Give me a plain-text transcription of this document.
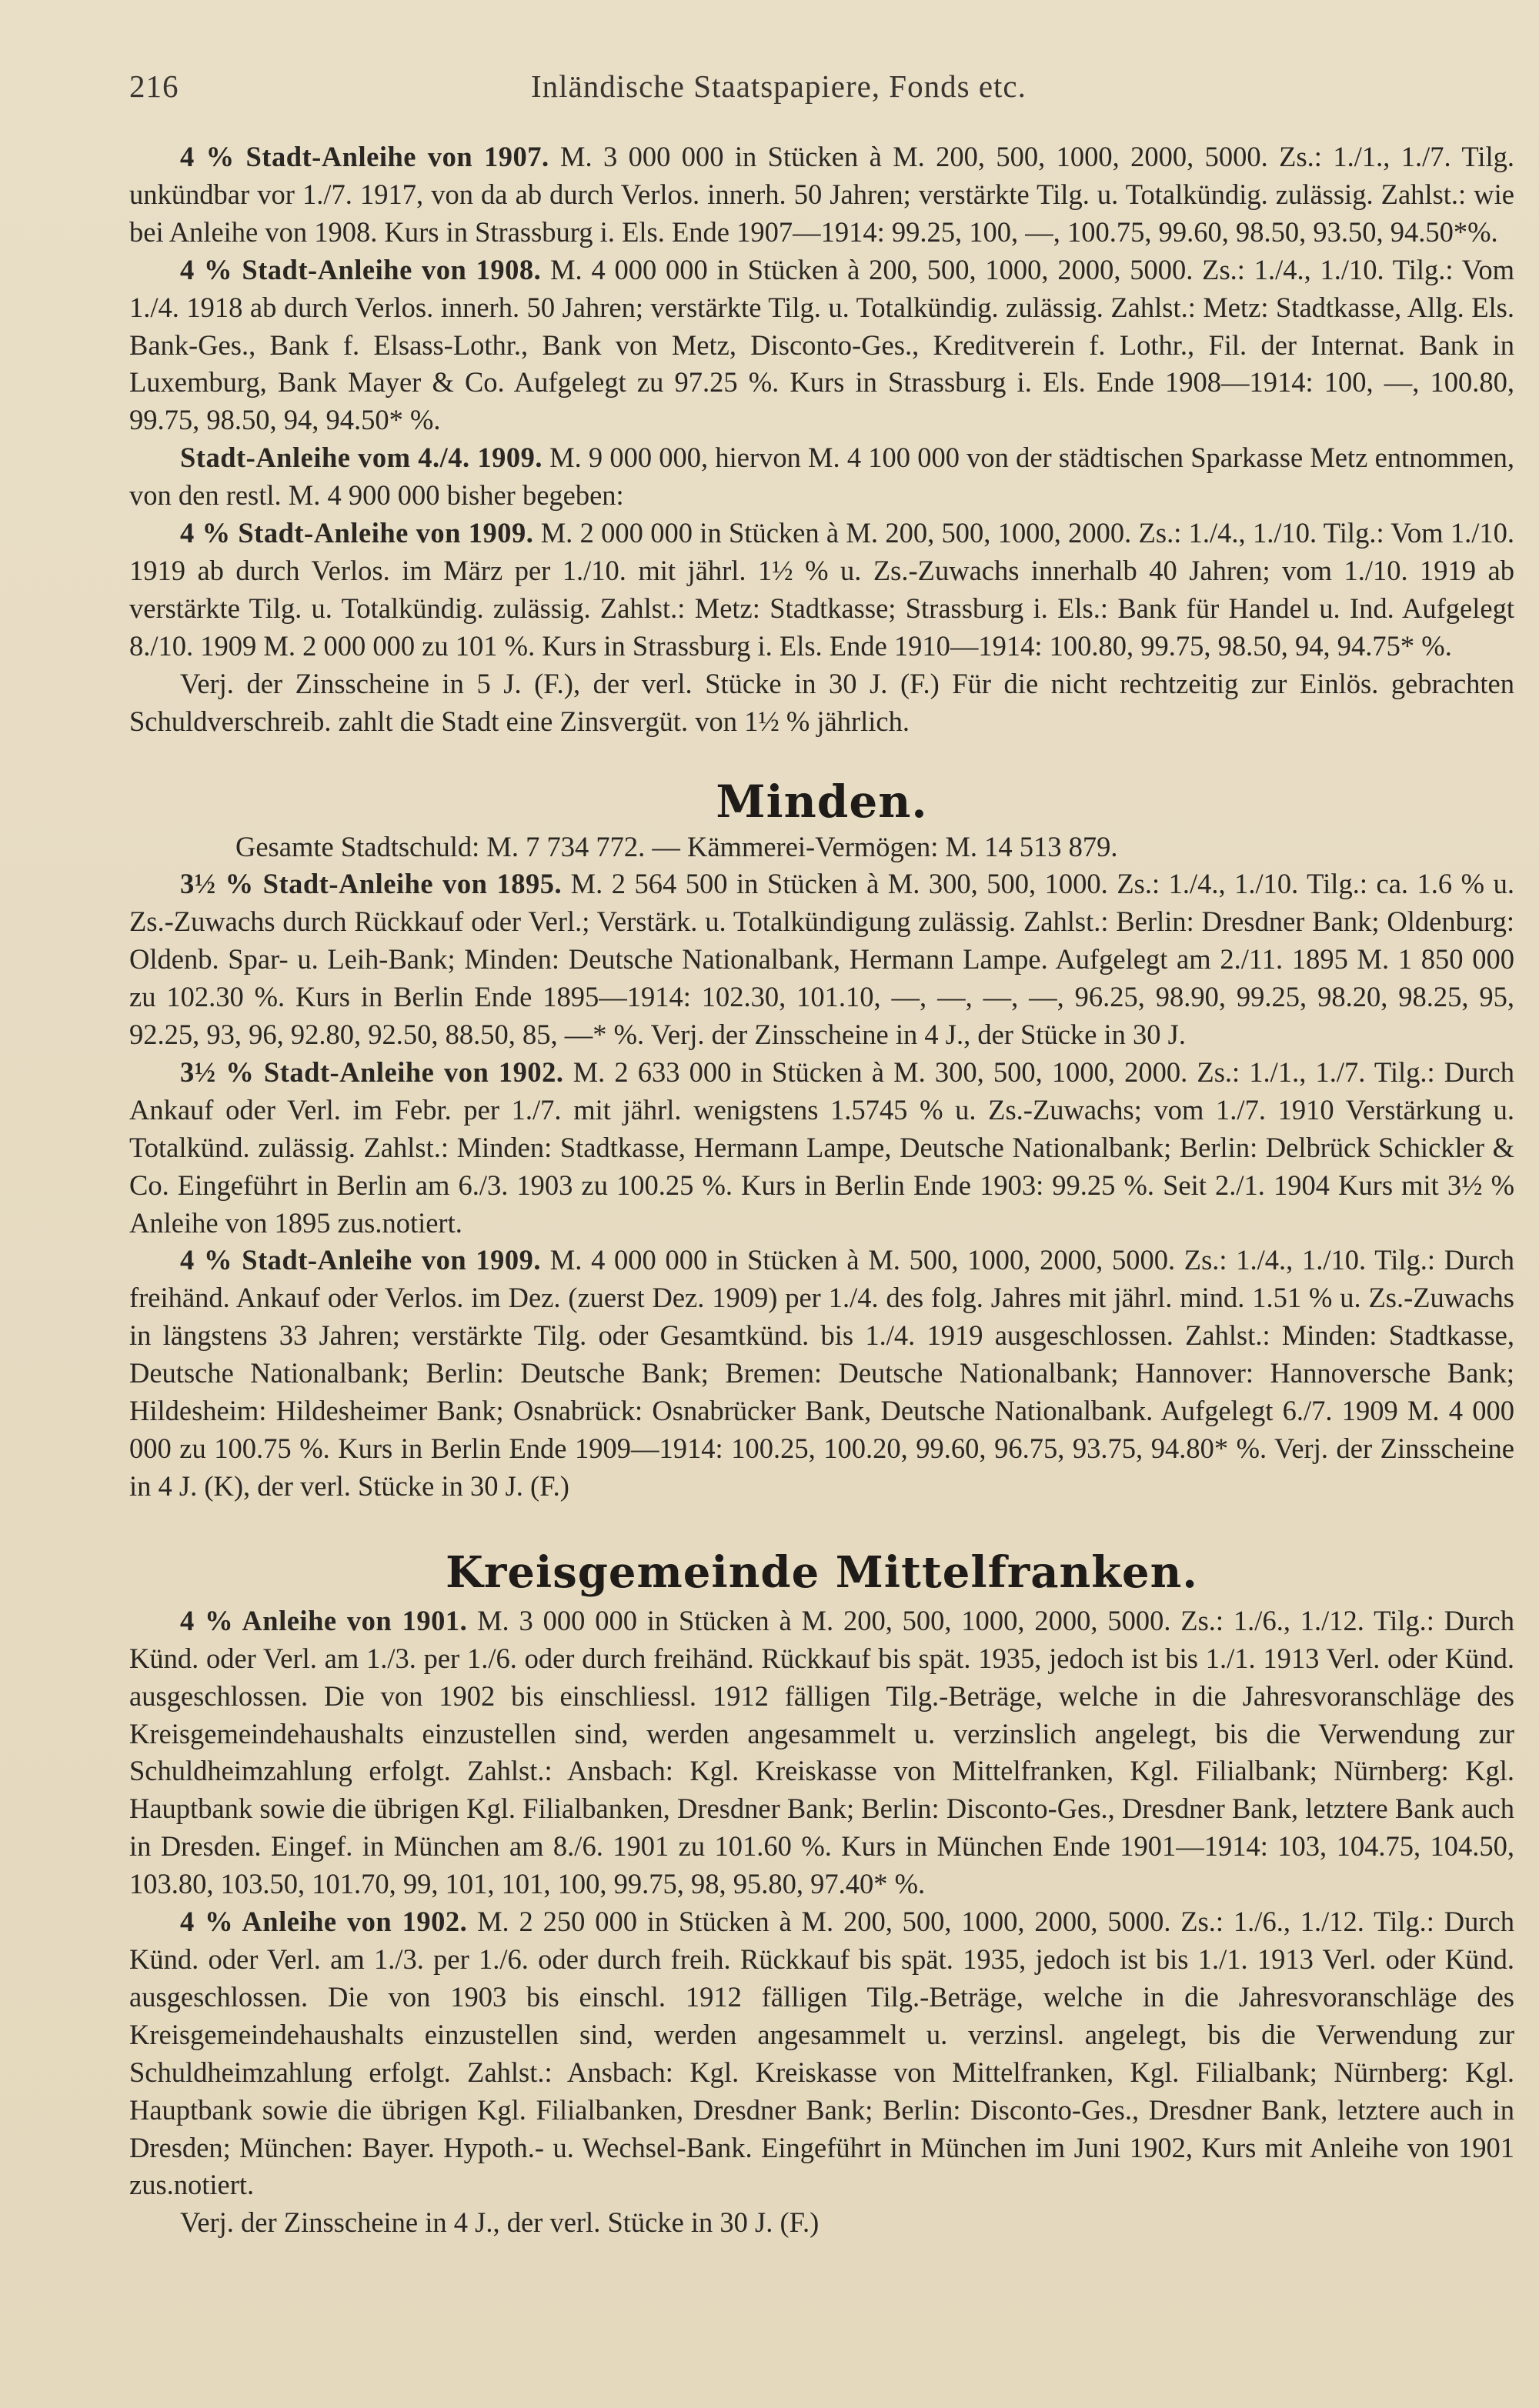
216	Inländische Staatspapiere, Fonds etc.

4 % Stadt-Anleihe von 1907. M. 3 000 000 in Stücken à M. 200, 500, 1000, 2000, 5000. Zs.: 1./1., 1./7. Tilg. unkündbar vor 1./7. 1917, von da ab durch Verlos. innerh. 50 Jahren; verstärkte Tilg. u. Totalkündig. zulässig. Zahlst.: wie bei Anleihe von 1908. Kurs in Strassburg i. Els. Ende 1907—1914: 99.25, 100, —, 100.75, 99.60, 98.50, 93.50, 94.50*%.

4 % Stadt-Anleihe von 1908. M. 4 000 000 in Stücken à 200, 500, 1000, 2000, 5000. Zs.: 1./4., 1./10. Tilg.: Vom 1./4. 1918 ab durch Verlos. innerh. 50 Jahren; verstärkte Tilg. u. Totalkündig. zulässig. Zahlst.: Metz: Stadtkasse, Allg. Els. Bank-Ges., Bank f. Elsass-Lothr., Bank von Metz, Disconto-Ges., Kreditverein f. Lothr., Fil. der Internat. Bank in Luxemburg, Bank Mayer & Co. Aufgelegt zu 97.25 %. Kurs in Strassburg i. Els. Ende 1908—1914: 100, —, 100.80, 99.75, 98.50, 94, 94.50* %.

Stadt-Anleihe vom 4./4. 1909. M. 9 000 000, hiervon M. 4 100 000 von der städtischen Sparkasse Metz entnommen, von den restl. M. 4 900 000 bisher begeben:

4 % Stadt-Anleihe von 1909. M. 2 000 000 in Stücken à M. 200, 500, 1000, 2000. Zs.: 1./4., 1./10. Tilg.: Vom 1./10. 1919 ab durch Verlos. im März per 1./10. mit jährl. 1½ % u. Zs.-Zuwachs innerhalb 40 Jahren; vom 1./10. 1919 ab verstärkte Tilg. u. Totalkündig. zulässig. Zahlst.: Metz: Stadtkasse; Strassburg i. Els.: Bank für Handel u. Ind. Aufgelegt 8./10. 1909 M. 2 000 000 zu 101 %. Kurs in Strassburg i. Els. Ende 1910—1914: 100.80, 99.75, 98.50, 94, 94.75* %.

Verj. der Zinsscheine in 5 J. (F.), der verl. Stücke in 30 J. (F.) Für die nicht rechtzeitig zur Einlös. gebrachten Schuldverschreib. zahlt die Stadt eine Zinsvergüt. von 1½ % jährlich.

Minden.

Gesamte Stadtschuld: M. 7 734 772. — Kämmerei-Vermögen: M. 14 513 879.

3½ % Stadt-Anleihe von 1895. M. 2 564 500 in Stücken à M. 300, 500, 1000. Zs.: 1./4., 1./10. Tilg.: ca. 1.6 % u. Zs.-Zuwachs durch Rückkauf oder Verl.; Verstärk. u. Totalkündigung zulässig. Zahlst.: Berlin: Dresdner Bank; Oldenburg: Oldenb. Spar- u. Leih-Bank; Minden: Deutsche Nationalbank, Hermann Lampe. Aufgelegt am 2./11. 1895 M. 1 850 000 zu 102.30 %. Kurs in Berlin Ende 1895—1914: 102.30, 101.10, —, —, —, —, 96.25, 98.90, 99.25, 98.20, 98.25, 95, 92.25, 93, 96, 92.80, 92.50, 88.50, 85, —* %. Verj. der Zinsscheine in 4 J., der Stücke in 30 J.

3½ % Stadt-Anleihe von 1902. M. 2 633 000 in Stücken à M. 300, 500, 1000, 2000. Zs.: 1./1., 1./7. Tilg.: Durch Ankauf oder Verl. im Febr. per 1./7. mit jährl. wenigstens 1.5745 % u. Zs.-Zuwachs; vom 1./7. 1910 Verstärkung u. Totalkünd. zulässig. Zahlst.: Minden: Stadtkasse, Hermann Lampe, Deutsche Nationalbank; Berlin: Delbrück Schickler & Co. Eingeführt in Berlin am 6./3. 1903 zu 100.25 %. Kurs in Berlin Ende 1903: 99.25 %. Seit 2./1. 1904 Kurs mit 3½ % Anleihe von 1895 zus.notiert.

4 % Stadt-Anleihe von 1909. M. 4 000 000 in Stücken à M. 500, 1000, 2000, 5000. Zs.: 1./4., 1./10. Tilg.: Durch freihänd. Ankauf oder Verlos. im Dez. (zuerst Dez. 1909) per 1./4. des folg. Jahres mit jährl. mind. 1.51 % u. Zs.-Zuwachs in längstens 33 Jahren; verstärkte Tilg. oder Gesamtkünd. bis 1./4. 1919 ausgeschlossen. Zahlst.: Minden: Stadtkasse, Deutsche Nationalbank; Berlin: Deutsche Bank; Bremen: Deutsche Nationalbank; Hannover: Hannoversche Bank; Hildesheim: Hildesheimer Bank; Osnabrück: Osnabrücker Bank, Deutsche Nationalbank. Aufgelegt 6./7. 1909 M. 4 000 000 zu 100.75 %. Kurs in Berlin Ende 1909—1914: 100.25, 100.20, 99.60, 96.75, 93.75, 94.80* %. Verj. der Zinsscheine in 4 J. (K), der verl. Stücke in 30 J. (F.)

Kreisgemeinde Mittelfranken.

4 % Anleihe von 1901. M. 3 000 000 in Stücken à M. 200, 500, 1000, 2000, 5000. Zs.: 1./6., 1./12. Tilg.: Durch Künd. oder Verl. am 1./3. per 1./6. oder durch freihänd. Rückkauf bis spät. 1935, jedoch ist bis 1./1. 1913 Verl. oder Künd. ausgeschlossen. Die von 1902 bis einschliessl. 1912 fälligen Tilg.-Beträge, welche in die Jahresvoranschläge des Kreisgemeindehaushalts einzustellen sind, werden angesammelt u. verzinslich angelegt, bis die Verwendung zur Schuldheimzahlung erfolgt. Zahlst.: Ansbach: Kgl. Kreiskasse von Mittelfranken, Kgl. Filialbank; Nürnberg: Kgl. Hauptbank sowie die übrigen Kgl. Filialbanken, Dresdner Bank; Berlin: Disconto-Ges., Dresdner Bank, letztere Bank auch in Dresden. Eingef. in München am 8./6. 1901 zu 101.60 %. Kurs in München Ende 1901—1914: 103, 104.75, 104.50, 103.80, 103.50, 101.70, 99, 101, 101, 100, 99.75, 98, 95.80, 97.40* %.

4 % Anleihe von 1902. M. 2 250 000 in Stücken à M. 200, 500, 1000, 2000, 5000. Zs.: 1./6., 1./12. Tilg.: Durch Künd. oder Verl. am 1./3. per 1./6. oder durch freih. Rückkauf bis spät. 1935, jedoch ist bis 1./1. 1913 Verl. oder Künd. ausgeschlossen. Die von 1903 bis einschl. 1912 fälligen Tilg.-Beträge, welche in die Jahresvoranschläge des Kreisgemeindehaushalts einzustellen sind, werden angesammelt u. verzinsl. angelegt, bis die Verwendung zur Schuldheimzahlung erfolgt. Zahlst.: Ansbach: Kgl. Kreiskasse von Mittelfranken, Kgl. Filialbank; Nürnberg: Kgl. Hauptbank sowie die übrigen Kgl. Filialbanken, Dresdner Bank; Berlin: Disconto-Ges., Dresdner Bank, letztere auch in Dresden; München: Bayer. Hypoth.- u. Wechsel-Bank. Eingeführt in München im Juni 1902, Kurs mit Anleihe von 1901 zus.notiert.

Verj. der Zinsscheine in 4 J., der verl. Stücke in 30 J. (F.)
